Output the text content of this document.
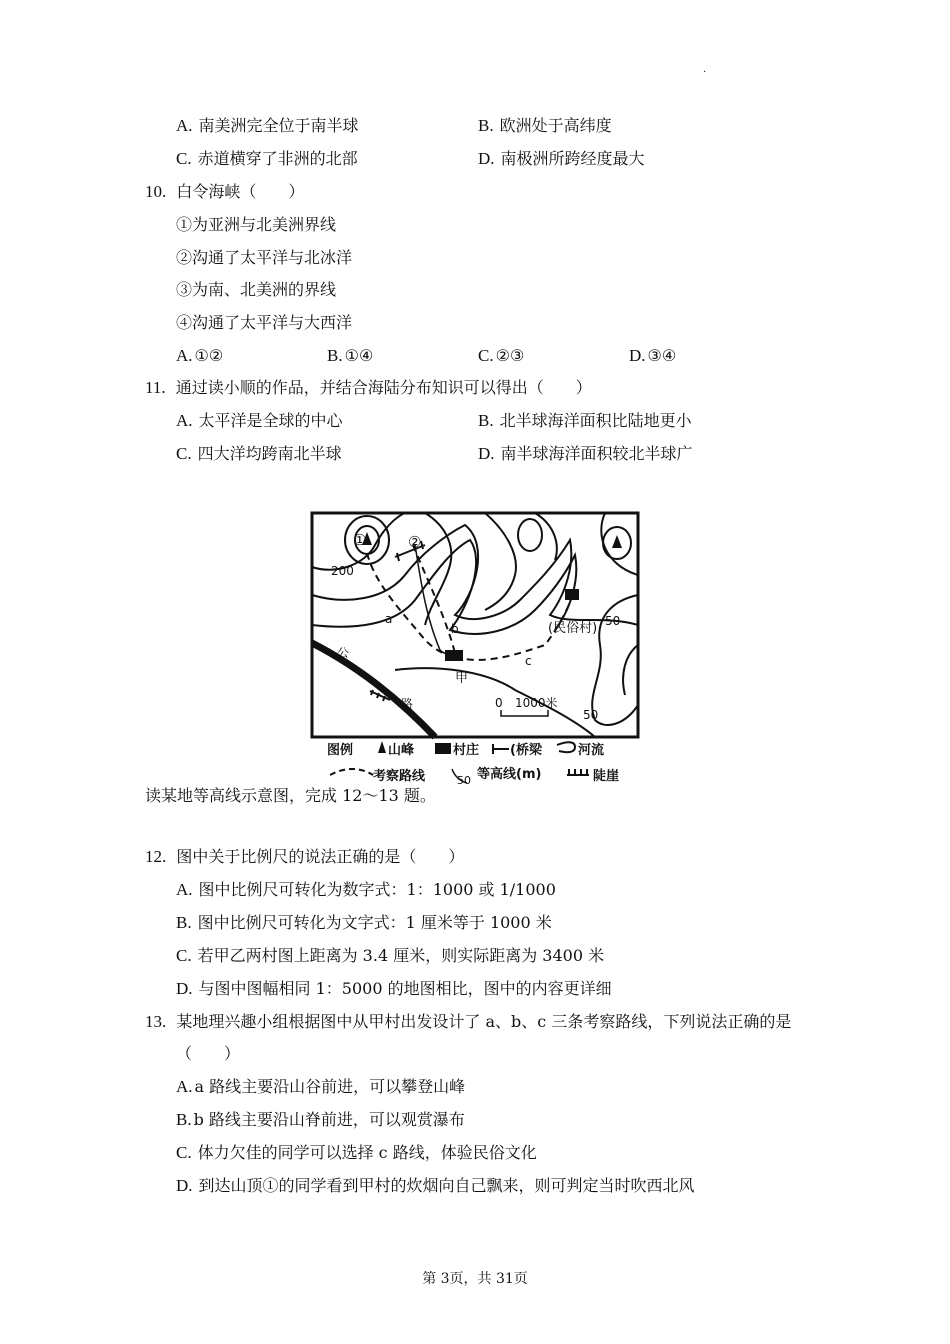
.
A. 南美洲完全位于南半球	B. 欧洲处于高纬度
C. 赤道横穿了非洲的北部	D. 南极洲所跨经度最大
10. 白令海峡（　　）
①为亚洲与北美洲界线
②沟通了太平洋与北冰洋
③为南、北美洲的界线
④沟通了太平洋与大西洋
A. ①②	B. ①④	C. ②③	D. ③④
11. 通过读小顺的作品，并结合海陆分布知识可以得出（　　）
A. 太平洋是全球的中心	B. 北半球海洋面积比陆地更小
C. 四大洋均跨南北半球	D. 南半球海洋面积较北半球广
①	②
200
50
50
a
b
c
甲
(民俗村)
公
路	0 1000米
图例	山峰	村庄 (桥梁	河流
考察路线	50 等高线(m)	陡崖
读某地等高线示意图，完成 12～13 题。
12. 图中关于比例尺的说法正确的是（　　）
A. 图中比例尺可转化为数字式：1：1000 或 1/1000
B. 图中比例尺可转化为文字式：1 厘米等于 1000 米
C. 若甲乙两村图上距离为 3.4 厘米，则实际距离为 3400 米
D. 与图中图幅相同 1：5000 的地图相比，图中的内容更详细
13. 某地理兴趣小组根据图中从甲村出发设计了 a、b、c 三条考察路线，下列说法正确的是
（　　）
A. a 路线主要沿山谷前进，可以攀登山峰
B. b 路线主要沿山脊前进，可以观赏瀑布
C. 体力欠佳的同学可以选择 c 路线，体验民俗文化
D. 到达山顶①的同学看到甲村的炊烟向自己飘来，则可判定当时吹西北风
第 3页，共 31页
